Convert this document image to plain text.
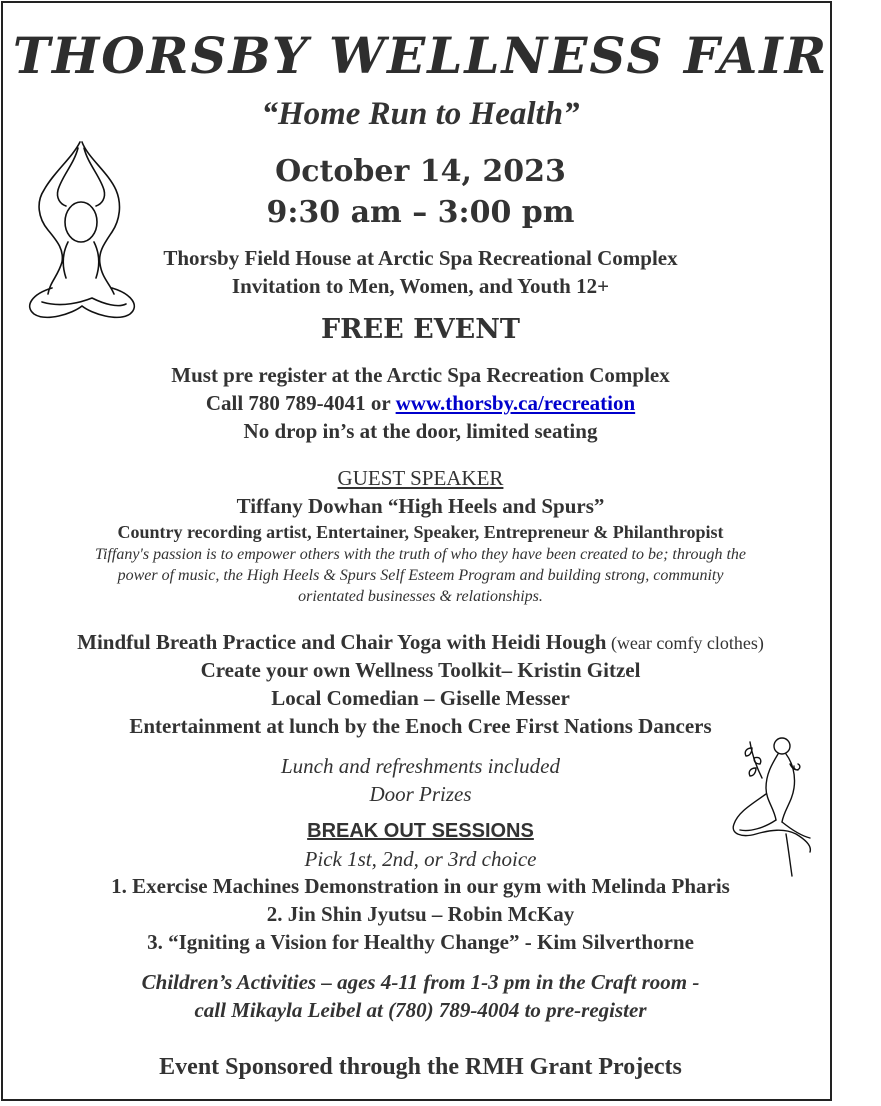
THORSBY WELLNESS FAIR
“Home Run to Health”
October 14, 2023
9:30 am – 3:00 pm
Thorsby Field House at Arctic Spa Recreational Complex
Invitation to Men, Women, and Youth 12+
FREE EVENT
Must pre register at the Arctic Spa Recreation Complex
Call 780 789-4041 or www.thorsby.ca/recreation
No drop in’s at the door, limited seating
GUEST SPEAKER
Tiffany Dowhan “High Heels and Spurs”
Country recording artist, Entertainer, Speaker, Entrepreneur & Philanthropist
Tiffany's passion is to empower others with the truth of who they have been created to be; through the
power of music, the High Heels & Spurs Self Esteem Program and building strong, community
orientated businesses & relationships.
Mindful Breath Practice and Chair Yoga with Heidi Hough (wear comfy clothes)
Create your own Wellness Toolkit– Kristin Gitzel
Local Comedian – Giselle Messer
Entertainment at lunch by the Enoch Cree First Nations Dancers
Lunch and refreshments included
Door Prizes
BREAK OUT SESSIONS
Pick 1st, 2nd, or 3rd choice
1. Exercise Machines Demonstration in our gym with Melinda Pharis
2. Jin Shin Jyutsu – Robin McKay
3. “Igniting a Vision for Healthy Change” - Kim Silverthorne
Children’s Activities – ages 4-11 from 1-3 pm in the Craft room -
call Mikayla Leibel at (780) 789-4004 to pre-register
Event Sponsored through the RMH Grant Projects
